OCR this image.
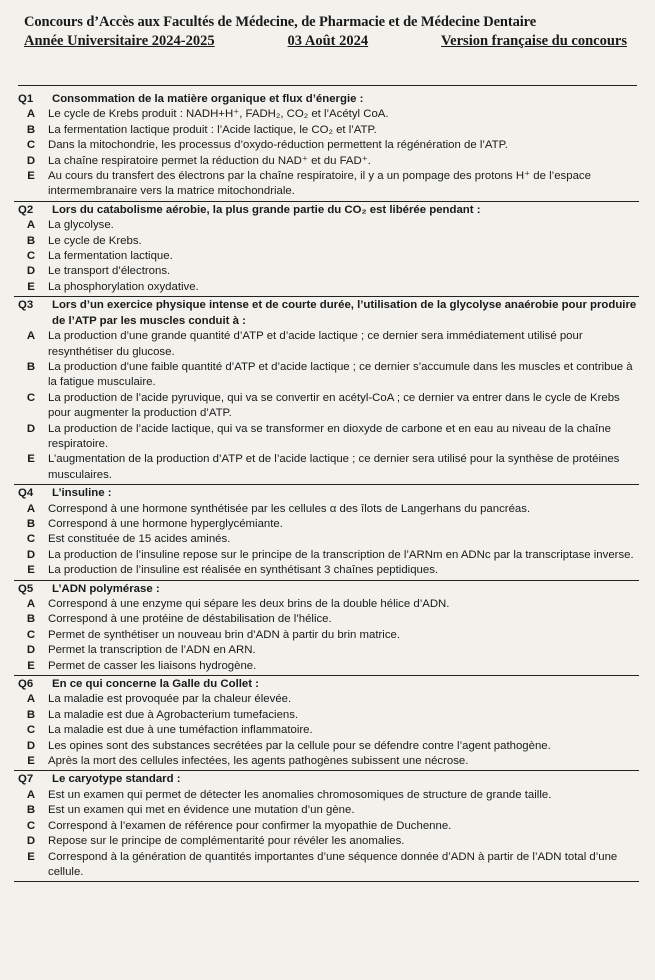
Concours d’Accès aux Facultés de Médecine, de Pharmacie et de Médecine Dentaire
Année Universitaire 2024-2025	03 Août 2024	Version française du concours
Q1	Consommation de la matière organique et flux d’énergie :
A	Le cycle de Krebs produit : NADH+H⁺, FADH₂, CO₂ et l’Acétyl CoA.
B	La fermentation lactique produit : l’Acide lactique, le CO₂ et l’ATP.
C	Dans la mitochondrie, les processus d’oxydo-réduction permettent la régénération de l’ATP.
D	La chaîne respiratoire permet la réduction du NAD⁺ et du FAD⁺.
E	Au cours du transfert des électrons par la chaîne respiratoire, il y a un pompage des protons H⁺ de l’espace intermembranaire vers la matrice mitochondriale.
Q2	Lors du catabolisme aérobie, la plus grande partie du CO₂ est libérée pendant :
A	La glycolyse.
B	Le cycle de Krebs.
C	La fermentation lactique.
D	Le transport d’électrons.
E	La phosphorylation oxydative.
Q3	Lors d’un exercice physique intense et de courte durée, l’utilisation de la glycolyse anaérobie pour produire de l’ATP par les muscles conduit à :
A	La production d’une grande quantité d’ATP et d’acide lactique ; ce dernier sera immédiatement utilisé pour resynthétiser du glucose.
B	La production d’une faible quantité d’ATP et d’acide lactique ; ce dernier s’accumule dans les muscles et contribue à la fatigue musculaire.
C	La production de l’acide pyruvique, qui va se convertir en acétyl-CoA ; ce dernier va entrer dans le cycle de Krebs pour augmenter la production d’ATP.
D	La production de l’acide lactique, qui va se transformer en dioxyde de carbone et en eau au niveau de la chaîne respiratoire.
E	L’augmentation de la production d’ATP et de l’acide lactique ; ce dernier sera utilisé pour la synthèse de protéines musculaires.
Q4	L’insuline :
A	Correspond à une hormone synthétisée par les cellules α des îlots de Langerhans du pancréas.
B	Correspond à une hormone hyperglycémiante.
C	Est constituée de 15 acides aminés.
D	La production de l’insuline repose sur le principe de la transcription de l’ARNm en ADNc par la transcriptase inverse.
E	La production de l’insuline est réalisée en synthétisant 3 chaînes peptidiques.
Q5	L’ADN polymérase :
A	Correspond à une enzyme qui sépare les deux brins de la double hélice d’ADN.
B	Correspond à une protéine de déstabilisation de l’hélice.
C	Permet de synthétiser un nouveau brin d’ADN à partir du brin matrice.
D	Permet la transcription de l’ADN en ARN.
E	Permet de casser les liaisons hydrogène.
Q6	En ce qui concerne la Galle du Collet :
A	La maladie est provoquée par la chaleur élevée.
B	La maladie est due à Agrobacterium tumefaciens.
C	La maladie est due à une tuméfaction inflammatoire.
D	Les opines sont des substances secrétées par la cellule pour se défendre contre l’agent pathogène.
E	Après la mort des cellules infectées, les agents pathogènes subissent une nécrose.
Q7	Le caryotype standard :
A	Est un examen qui permet de détecter les anomalies chromosomiques de structure de grande taille.
B	Est un examen qui met en évidence une mutation d’un gène.
C	Correspond à l’examen de référence pour confirmer la myopathie de Duchenne.
D	Repose sur le principe de complémentarité pour révéler les anomalies.
E	Correspond à la génération de quantités importantes d’une séquence donnée d’ADN à partir de l’ADN total d’une cellule.
